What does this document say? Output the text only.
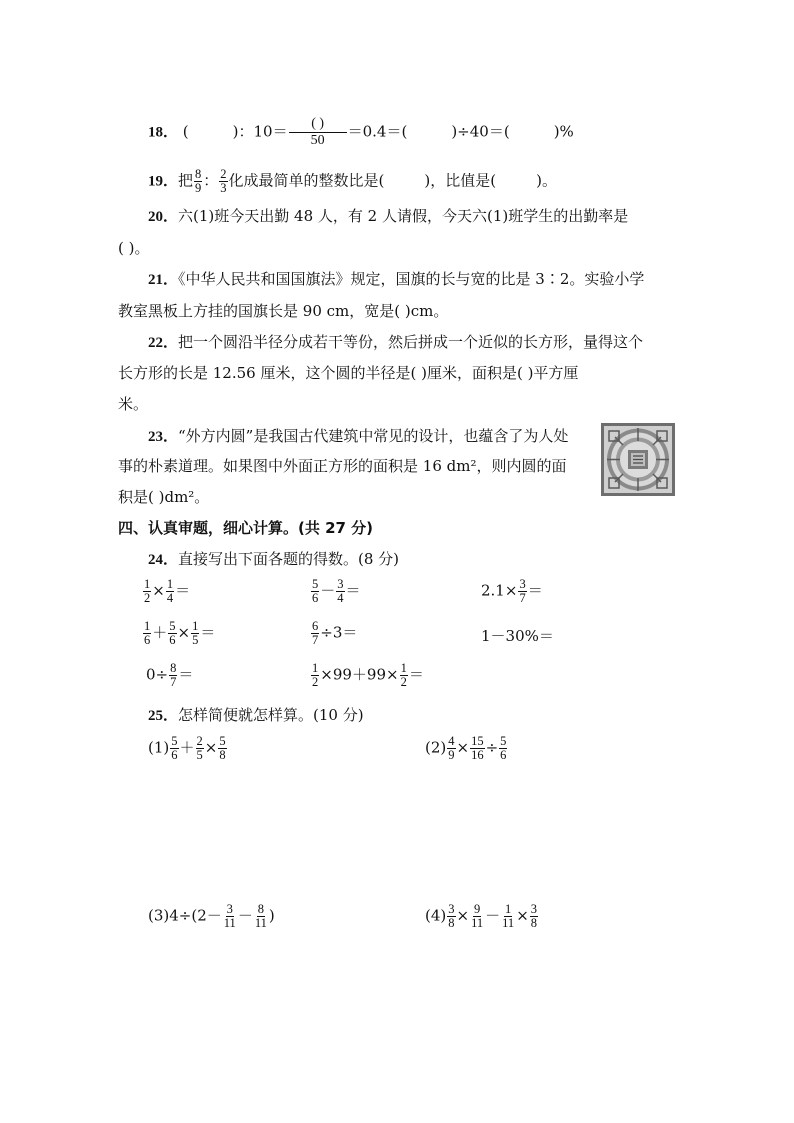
18． (	)：$10= \frac{( )}{50} =0.4=$(	)÷40＝(	)%
19．把 $\frac{8}{9}$ ： $\frac{2}{3}$ 化成最简单的整数比是(	)，比值是(	)。
20．六(1)班今天出勤 48 人，有 2 人请假，今天六(1)班学生的出勤率是
( )。
21．《中华人民共和国国旗法》规定，国旗的长与宽的比是 3∶2。实验小学
教室黑板上方挂的国旗长是 90 cm，宽是( )cm。
22．把一个圆沿半径分成若干等份，然后拼成一个近似的长方形，量得这个
长方形的长是 12.56 厘米，这个圆的半径是( )厘米，面积是( )平方厘
米。
23．“外方内圆”是我国古代建筑中常见的设计，也蕴含了为人处
事的朴素道理。如果图中外面正方形的面积是 16 dm²，则内圆的面
积是( )dm²。
四、认真审题，细心计算。(共 27 分)
24．直接写出下面各题的得数。(8 分)
$\frac{1}{2} \times \frac{1}{4}$ ＝	$\frac{5}{6} - \frac{3}{4}$ ＝	$2.1\times \frac{3}{7}$ ＝
$\frac{1}{6} + \frac{5}{6} \times \frac{1}{5}$ ＝	$\frac{6}{7} \div 3=$	1－30%＝
$0\div \frac{8}{7}$ ＝	$\frac{1}{2} \times 99+99\times \frac{1}{2}$ ＝
25．怎样简便就怎样算。(10 分)
$(1) \frac{5}{6} + \frac{2}{5} \times \frac{5}{8}$	$(2) \frac{4}{9} \times \frac{15}{16} \div \frac{5}{6}$
$(3)4\div(2- \frac{3}{11} - \frac{8}{11}$ )	$(4) \frac{3}{8} \times \frac{9}{11} - \frac{1}{11} \times \frac{3}{8}$
